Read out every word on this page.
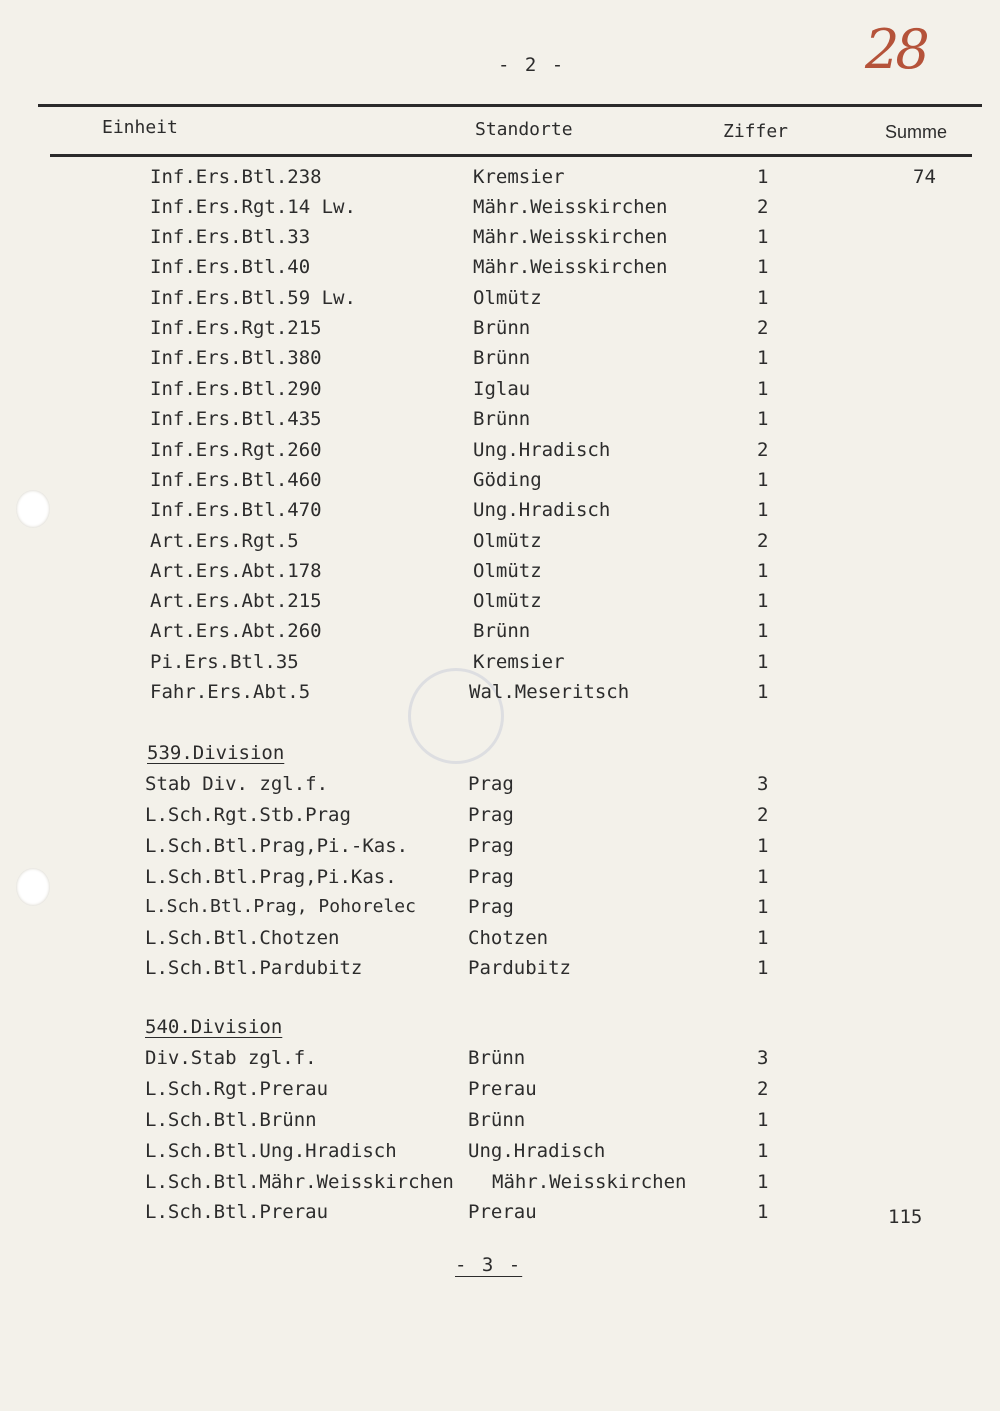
- 2 -	28
Einheit	Standorte	Ziffer	Summe
Inf.Ers.Btl.238	Kremsier	1	74
Inf.Ers.Rgt.14 Lw.	Mähr.Weisskirchen	2
Inf.Ers.Btl.33	Mähr.Weisskirchen	1
Inf.Ers.Btl.40	Mähr.Weisskirchen	1
Inf.Ers.Btl.59 Lw.	Olmütz	1
Inf.Ers.Rgt.215	Brünn	2
Inf.Ers.Btl.380	Brünn	1
Inf.Ers.Btl.290	Iglau	1
Inf.Ers.Btl.435	Brünn	1
Inf.Ers.Rgt.260	Ung.Hradisch	2
Inf.Ers.Btl.460	Göding	1
Inf.Ers.Btl.470	Ung.Hradisch	1
Art.Ers.Rgt.5	Olmütz	2
Art.Ers.Abt.178	Olmütz	1
Art.Ers.Abt.215	Olmütz	1
Art.Ers.Abt.260	Brünn	1
Pi.Ers.Btl.35	Kremsier	1
Fahr.Ers.Abt.5	Wal.Meseritsch	1
539.Division
Stab Div. zgl.f.	Prag	3
L.Sch.Rgt.Stb.Prag	Prag	2
L.Sch.Btl.Prag,Pi.-Kas.	Prag	1
L.Sch.Btl.Prag,Pi.Kas.	Prag	1
L.Sch.Btl.Prag, Pohorelec	Prag	1
L.Sch.Btl.Chotzen	Chotzen	1
L.Sch.Btl.Pardubitz	Pardubitz	1
540.Division
Div.Stab zgl.f.	Brünn	3
L.Sch.Rgt.Prerau	Prerau	2
L.Sch.Btl.Brünn	Brünn	1
L.Sch.Btl.Ung.Hradisch	Ung.Hradisch	1
L.Sch.Btl.Mähr.Weisskirchen Mähr.Weisskirchen	1
L.Sch.Btl.Prerau	Prerau	1	115
- 3 -
